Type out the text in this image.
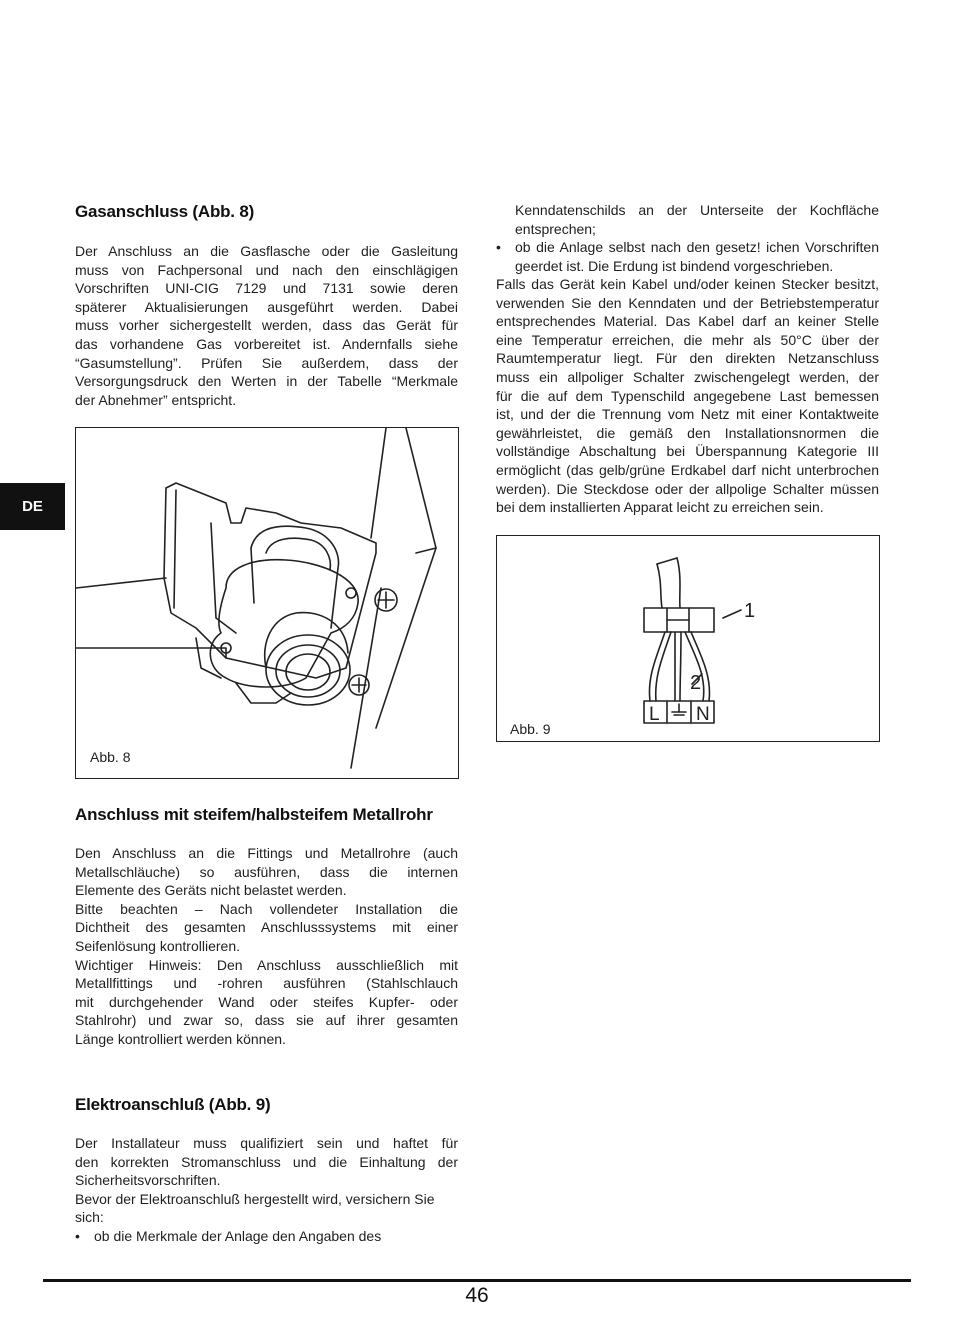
DE
Gasanschluss (Abb. 8)

Der Anschluss an die Gasflasche oder die Gasleitung
muss von Fachpersonal und nach den einschlägigen
Vorschriften UNI-CIG 7129 und 7131 sowie deren
späterer Aktualisierungen ausgeführt werden. Dabei
muss vorher sichergestellt werden, dass das Gerät für
das vorhandene Gas vorbereitet ist. Andernfalls siehe
“Gasumstellung”. Prüfen Sie außerdem, dass der
Versorgungsdruck den Werten in der Tabelle “Merkmale
der Abnehmer” entspricht.

Abb. 8
Anschluss mit steifem/halbsteifem Metallrohr

Den Anschluss an die Fittings und Metallrohre (auch
Metallschläuche) so ausführen, dass die internen
Elemente des Geräts nicht belastet werden.
Bitte beachten – Nach vollendeter Installation die
Dichtheit des gesamten Anschlusssystems mit einer
Seifenlösung kontrollieren.
Wichtiger Hinweis: Den Anschluss ausschließlich mit
Metallfittings und -rohren ausführen (Stahlschlauch
mit durchgehender Wand oder steifes Kupfer- oder
Stahlrohr) und zwar so, dass sie auf ihrer gesamten
Länge kontrolliert werden können.

Elektroanschluß (Abb. 9)

Der Installateur muss qualifiziert sein und haftet für
den korrekten Stromanschluss und die Einhaltung der
Sicherheitsvorschriften.
Bevor der Elektroanschluß hergestellt wird, versichern Sie
sich:

•	ob die Merkmale der Anlage den Angaben des

Kenndatenschilds an der Unterseite der Kochfläche
entsprechen;

•	ob die Anlage selbst nach den gesetz! ichen Vorschriften
geerdet ist. Die Erdung ist bindend vorgeschrieben.

Falls das Gerät kein Kabel und/oder keinen Stecker besitzt,
verwenden Sie den Kenndaten und der Betriebstemperatur
entsprechendes Material. Das Kabel darf an keiner Stelle
eine Temperatur erreichen, die mehr als 50°C über der
Raumtemperatur liegt. Für den direkten Netzanschluss
muss ein allpoliger Schalter zwischengelegt werden, der
für die auf dem Typenschild angegebene Last bemessen
ist, und der die Trennung vom Netz mit einer Kontaktweite
gewährleistet, die gemäß den Installationsnormen die
vollständige Abschaltung bei Überspannung Kategorie III
ermöglicht (das gelb/grüne Erdkabel darf nicht unterbrochen
werden). Die Steckdose oder der allpolige Schalter müssen
bei dem installierten Apparat leicht zu erreichen sein.

1
2
L N
Abb. 9
46
